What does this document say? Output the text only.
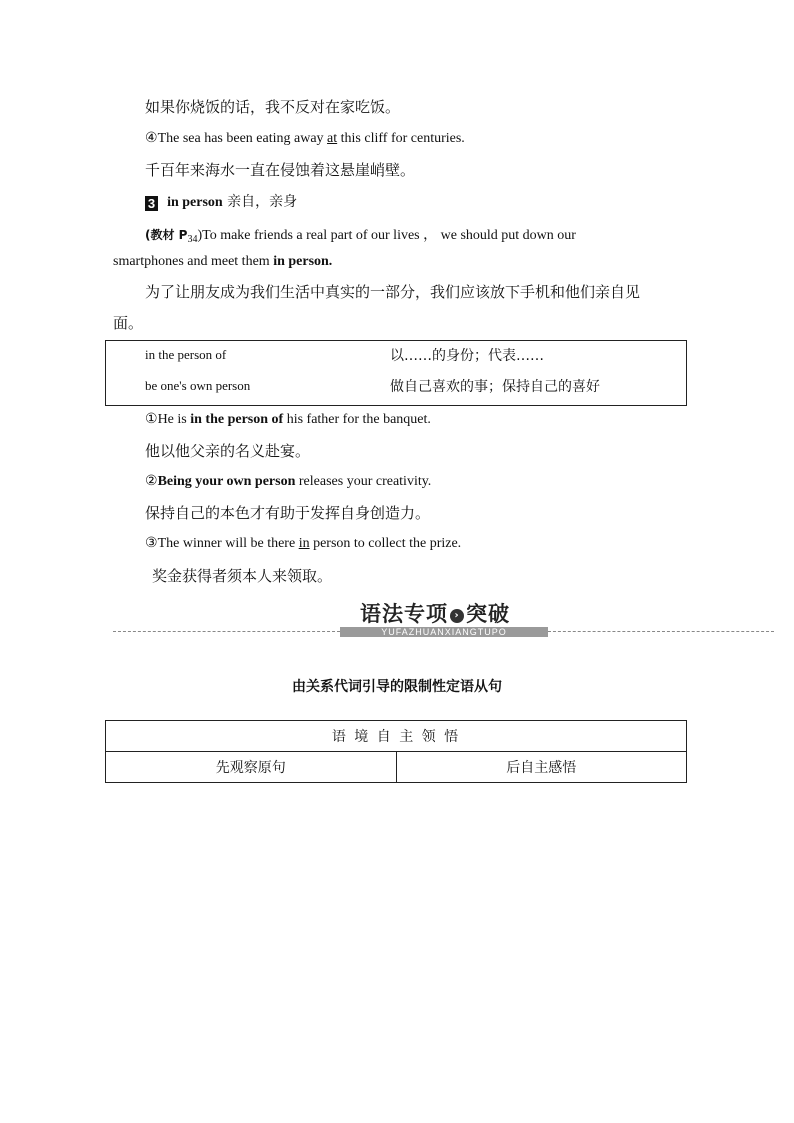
如果你烧饭的话，我不反对在家吃饭。
④The sea has been eating away at this cliff for centuries.
千百年来海水一直在侵蚀着这悬崖峭壁。
3 in person 亲自，亲身
(教材 $P_{34})To$ make friends a real part of our lives ， we should put down our
smartphones and meet them in person.
为了让朋友成为我们生活中真实的一部分，我们应该放下手机和他们亲自见
面。
in the person of	以……的身份；代表……
be one's own person	做自己喜欢的事；保持自己的喜好
①He is in the person of his father for the banquet.
他以他父亲的名义赴宴。
②Being your own person releases your creativity.
保持自己的本色才有助于发挥自身创造力。
③The winner will be there in person to collect the prize.
奖金获得者须本人来领取。
语法专项 › 突破
YUFAZHUANXIANGTUPO
由关系代词引导的限制性定语从句
语 境 自 主 领 悟
先观察原句	后自主感悟
